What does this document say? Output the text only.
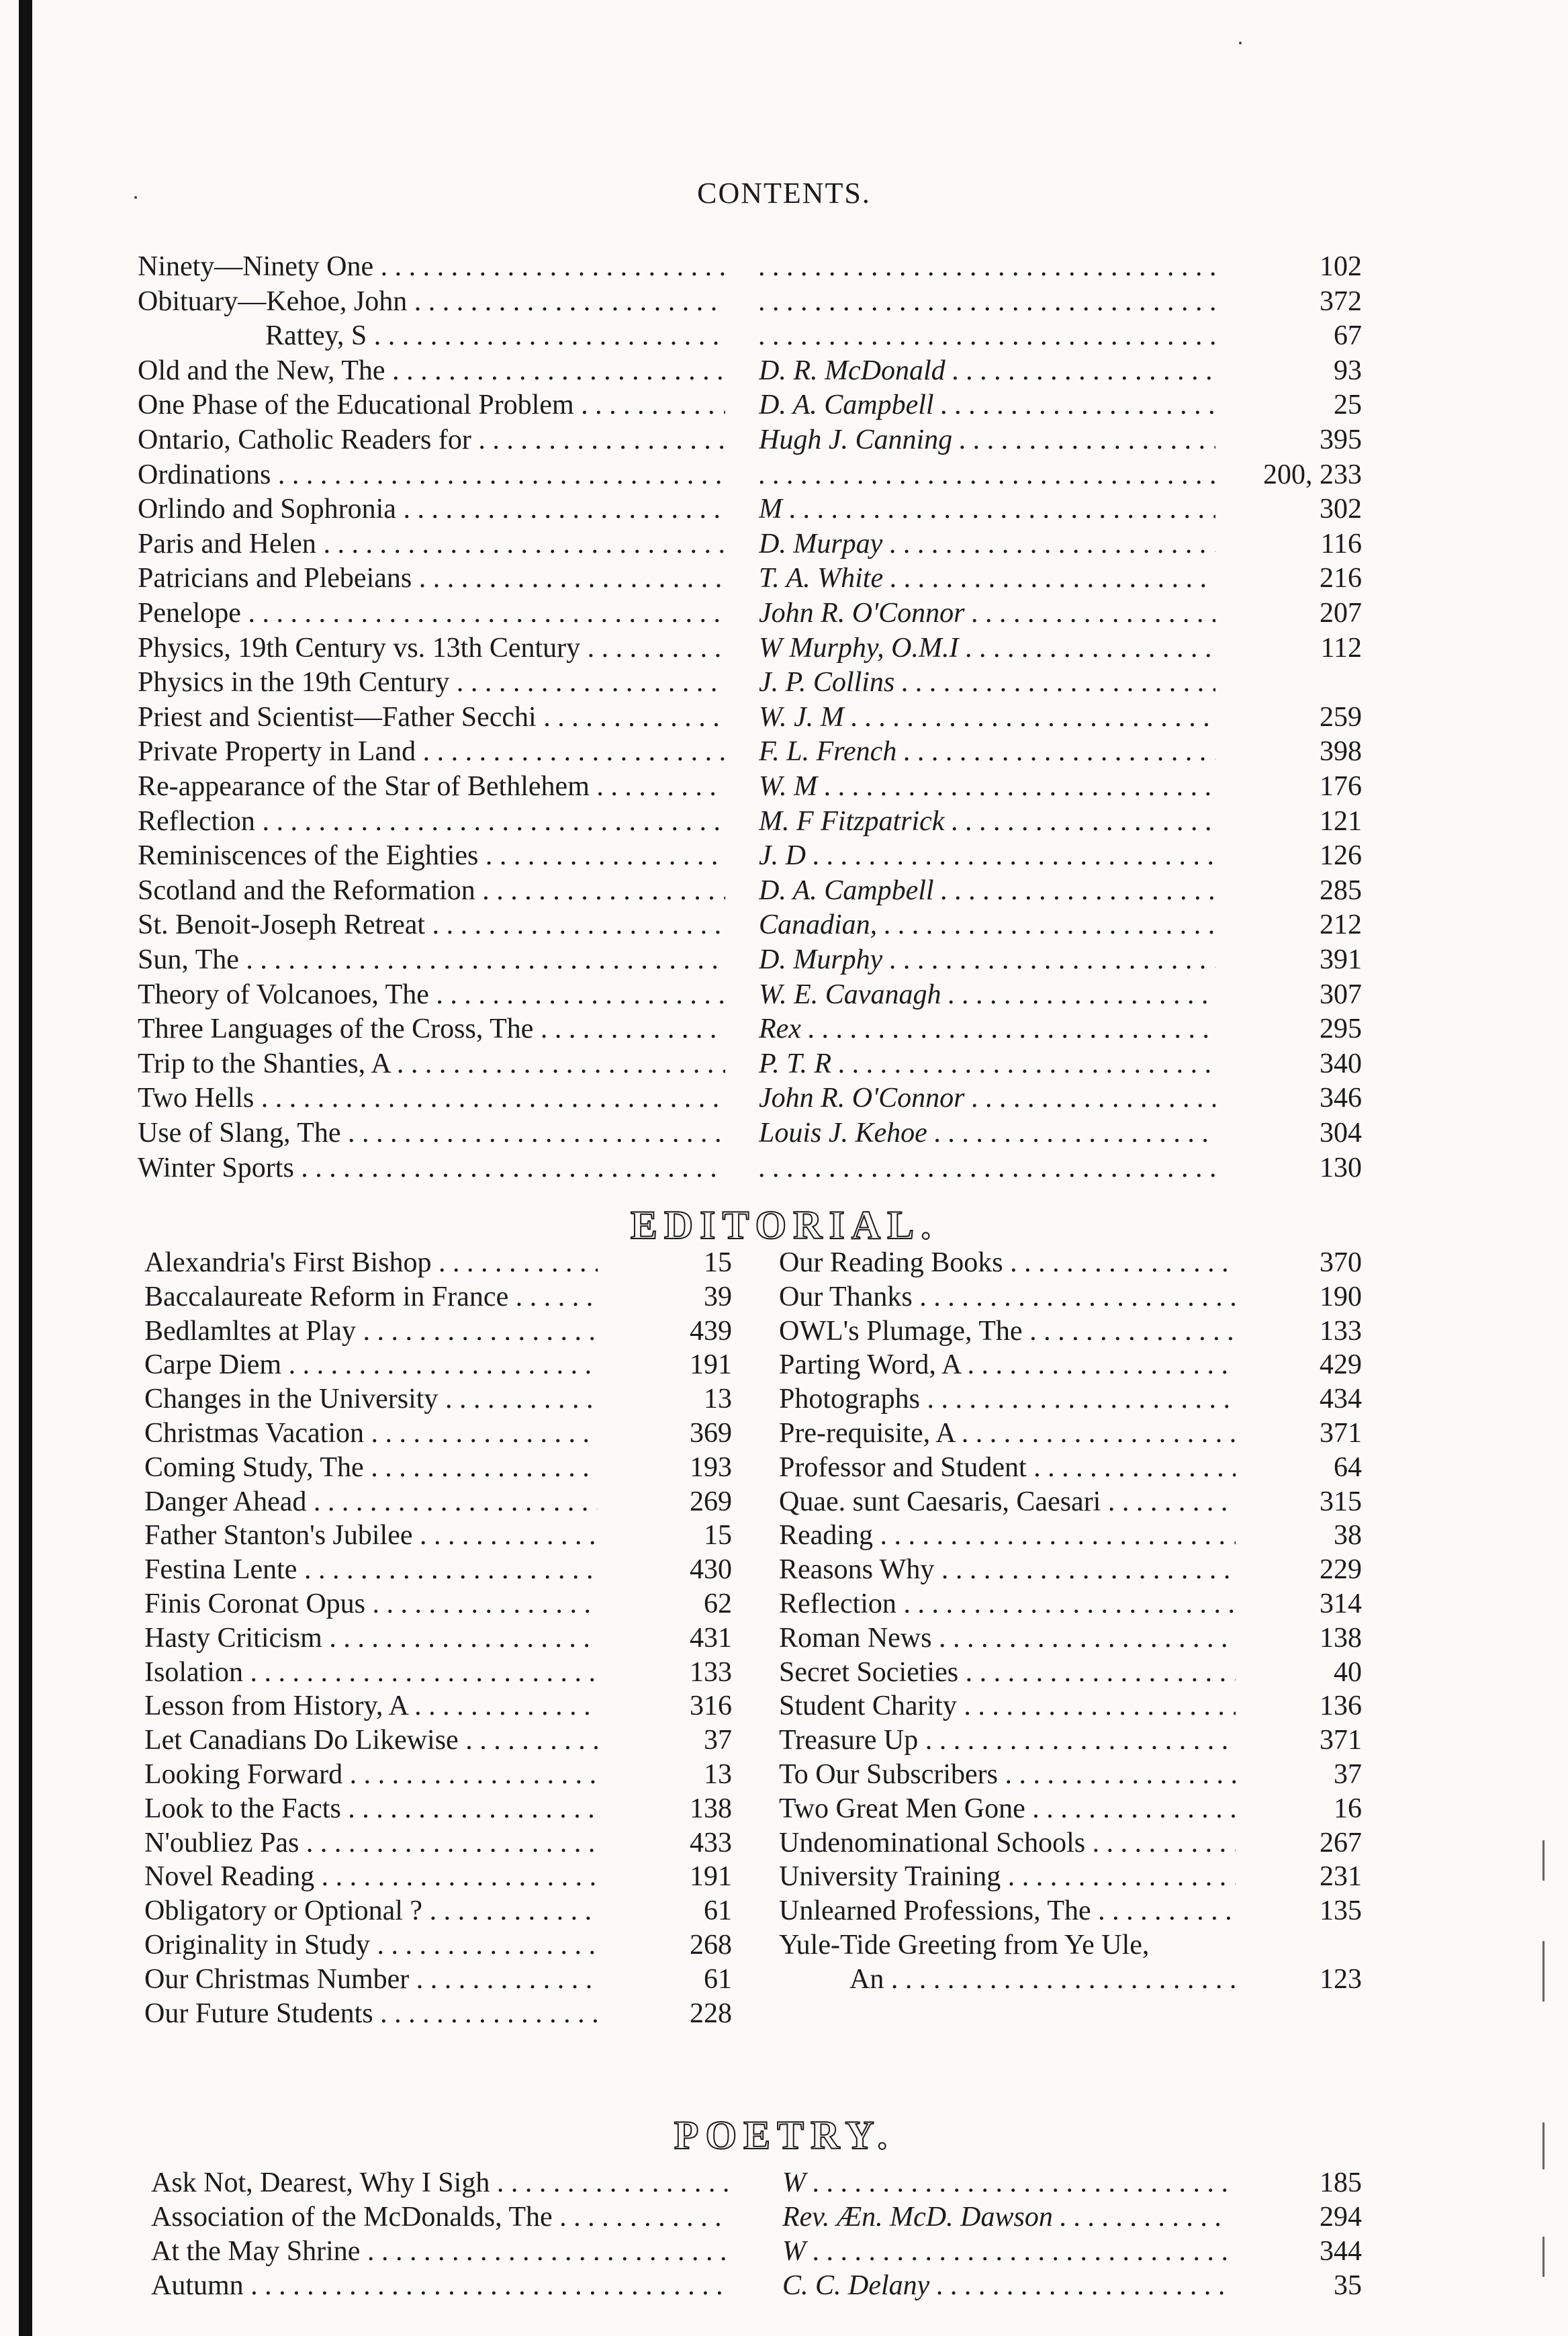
CONTENTS.
Ninety—Ninety One . . . . . .	102
Obituary—Kehoe, John . . . . . .	372
Rattey, S . . . . . .	67
Old and the New, The . . .	D. R. McDonald . . .	93
One Phase of the Educational Problem . . .	D. A. Campbell . . .	25
Ontario, Catholic Readers for . . .	Hugh J. Canning . . .	395
Ordinations . . . . . .	200, 233
Orlindo and Sophronia . . .	M . . .	302
Paris and Helen . . .	D. Murpay . . .	116
Patricians and Plebeians . . .	T. A. White . . .	216
Penelope . . .	John R. O'Connor . . .	207
Physics, 19th Century vs. 13th Century . . .	W Murphy, O.M.I . . .	112
Physics in the 19th Century . . .	J. P. Collins . . .
Priest and Scientist—Father Secchi . . .	W. J. M . . .	259
Private Property in Land . . .	F. L. French . . .	398
Re-appearance of the Star of Bethlehem . . .	W. M . . .	176
Reflection . . .	M. F Fitzpatrick . . .	121
Reminiscences of the Eighties . . .	J. D . . .	126
Scotland and the Reformation . . .	D. A. Campbell . . .	285
St. Benoit-Joseph Retreat . . .	Canadian, . . .	212
Sun, The . . .	D. Murphy . . .	391
Theory of Volcanoes, The . . .	W. E. Cavanagh . . .	307
Three Languages of the Cross, The . . .	Rex . . .	295
Trip to the Shanties, A . . .	P. T. R . . .	340
Two Hells . . .	John R. O'Connor . . .	346
Use of Slang, The . . .	Louis J. Kehoe . . .	304
Winter Sports . . . . . .	130
EDITORIAL.
Alexandria's First Bishop . . .	15
Baccalaureate Reform in France . . .	39
Bedlamltes at Play . . .	439
Carpe Diem . . .	191
Changes in the University . . .	13
Christmas Vacation . . .	369
Coming Study, The . . .	193
Danger Ahead . . .	269
Father Stanton's Jubilee . . .	15
Festina Lente . . .	430
Finis Coronat Opus . . .	62
Hasty Criticism . . .	431
Isolation . . .	133
Lesson from History, A . . .	316
Let Canadians Do Likewise . . .	37
Looking Forward . . .	13
Look to the Facts . . .	138
N'oubliez Pas . . .	433
Novel Reading . . .	191
Obligatory or Optional ? . . .	61
Originality in Study . . .	268
Our Christmas Number . . .	61
Our Future Students . . .	228
Our Reading Books . . .	370
Our Thanks . . .	190
OWL's Plumage, The . . .	133
Parting Word, A . . .	429
Photographs . . .	434
Pre-requisite, A . . .	371
Professor and Student . . .	64
Quae. sunt Caesaris, Caesari . . .	315
Reading . . .	38
Reasons Why . . .	229
Reflection . . .	314
Roman News . . .	138
Secret Societies . . .	40
Student Charity . . .	136
Treasure Up . . .	371
To Our Subscribers . . .	37
Two Great Men Gone . . .	16
Undenominational Schools . . .	267
University Training . . .	231
Unlearned Professions, The . . .	135
Yule-Tide Greeting from Ye Ule,
An . . .	123
POETRY.
Ask Not, Dearest, Why I Sigh . . .	W . . .	185
Association of the McDonalds, The . . .	Rev. Æn. McD. Dawson . . .	294
At the May Shrine . . .	W . . .	344
Autumn . . .	C. C. Delany . . .	35
